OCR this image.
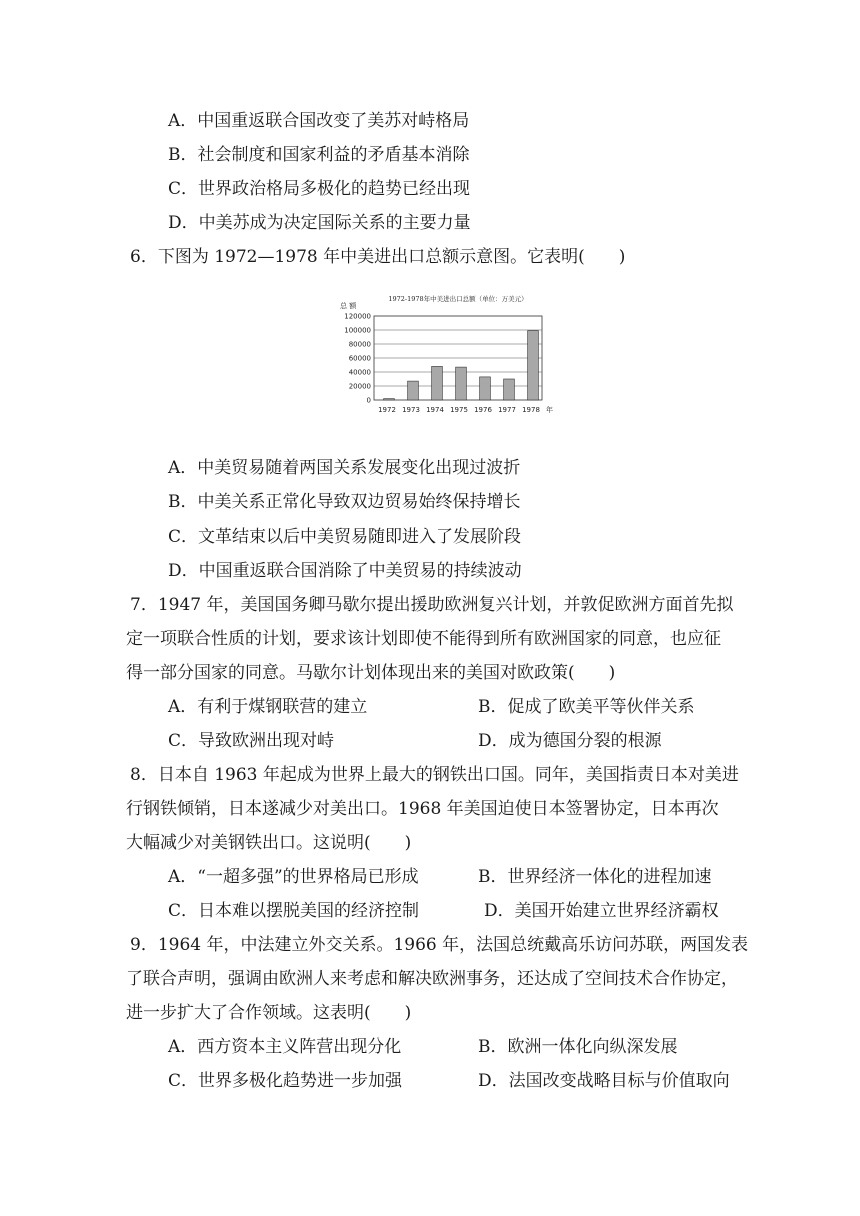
A．中国重返联合国改变了美苏对峙格局
B．社会制度和国家利益的矛盾基本消除
C．世界政治格局多极化的趋势已经出现
D．中美苏成为决定国际关系的主要力量
6．下图为 1972—1978 年中美进出口总额示意图。它表明(　　)
1972-1978年中美进出口总额（单位：万美元）
总 额
0
20000
40000
60000
80000
100000
120000
1972 1973 1974 1975 1976 1977 1978 年
A．中美贸易随着两国关系发展变化出现过波折
B．中美关系正常化导致双边贸易始终保持增长
C．文革结束以后中美贸易随即进入了发展阶段
D．中国重返联合国消除了中美贸易的持续波动
7．1947 年，美国国务卿马歇尔提出援助欧洲复兴计划，并敦促欧洲方面首先拟
定一项联合性质的计划，要求该计划即使不能得到所有欧洲国家的同意，也应征
得一部分国家的同意。马歇尔计划体现出来的美国对欧政策(　　)
A．有利于煤钢联营的建立	B．促成了欧美平等伙伴关系
C．导致欧洲出现对峙	D．成为德国分裂的根源
8．日本自 1963 年起成为世界上最大的钢铁出口国。同年，美国指责日本对美进
行钢铁倾销，日本遂减少对美出口。1968 年美国迫使日本签署协定，日本再次
大幅减少对美钢铁出口。这说明(　　)
A．“一超多强”的世界格局已形成	B．世界经济一体化的进程加速
C．日本难以摆脱美国的经济控制	D．美国开始建立世界经济霸权
9．1964 年，中法建立外交关系。1966 年，法国总统戴高乐访问苏联，两国发表
了联合声明，强调由欧洲人来考虑和解决欧洲事务，还达成了空间技术合作协定，
进一步扩大了合作领域。这表明(　　)
A．西方资本主义阵营出现分化	B．欧洲一体化向纵深发展
C．世界多极化趋势进一步加强	D．法国改变战略目标与价值取向
